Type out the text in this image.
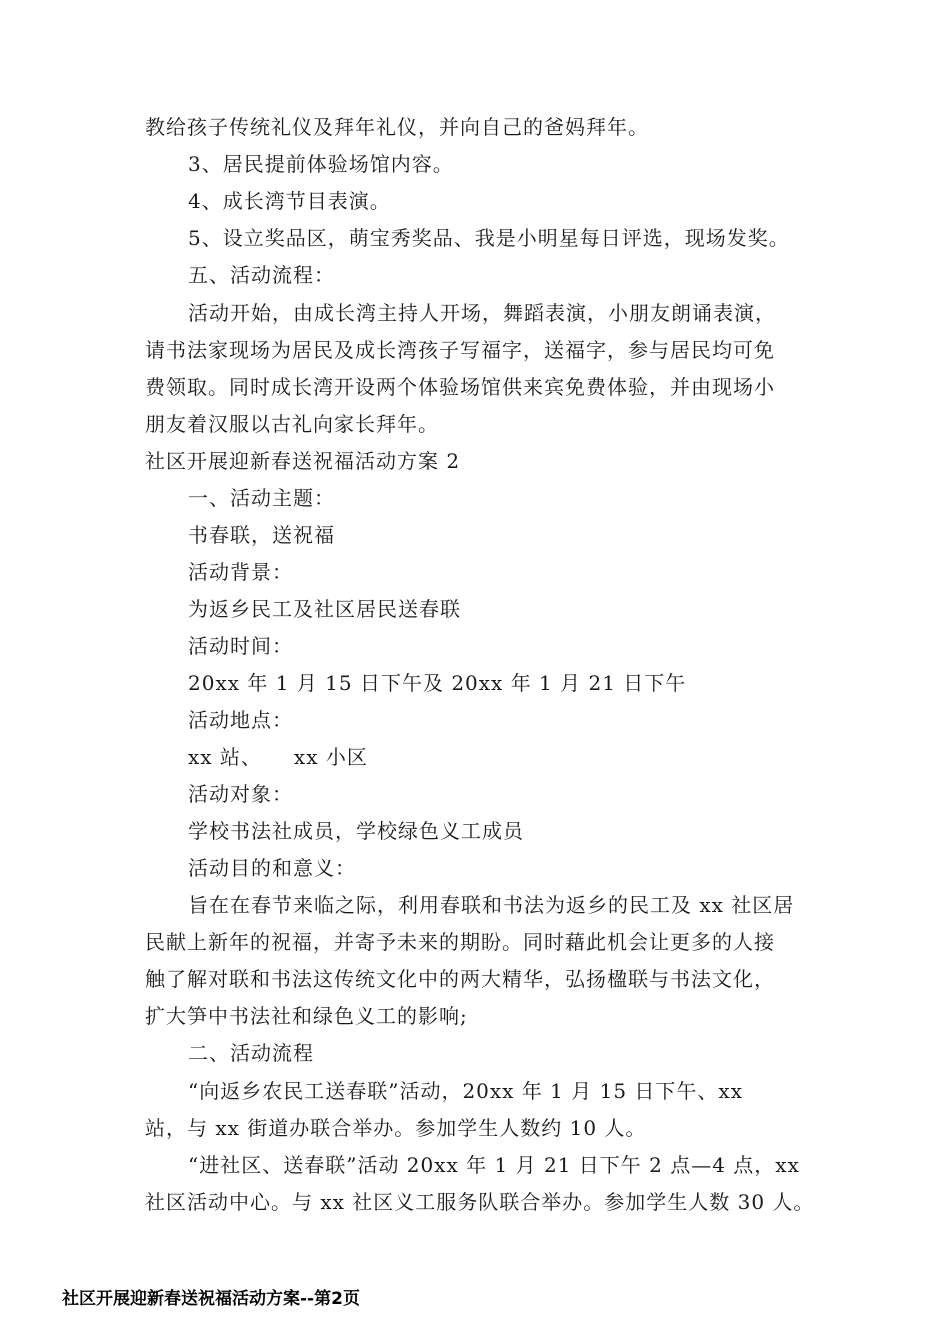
教给孩子传统礼仪及拜年礼仪，并向自己的爸妈拜年。
3、居民提前体验场馆内容。
4、成长湾节目表演。
5、设立奖品区，萌宝秀奖品、我是小明星每日评选，现场发奖。
五、活动流程：
活动开始，由成长湾主持人开场，舞蹈表演，小朋友朗诵表演，
请书法家现场为居民及成长湾孩子写福字，送福字，参与居民均可免
费领取。同时成长湾开设两个体验场馆供来宾免费体验，并由现场小
朋友着汉服以古礼向家长拜年。
社区开展迎新春送祝福活动方案 2
一、活动主题：
书春联，送祝福
活动背景：
为返乡民工及社区居民送春联
活动时间：
20xx 年 1 月 15 日下午及 20xx 年 1 月 21 日下午
活动地点：
xx 站、　　xx 小区
活动对象：
学校书法社成员，学校绿色义工成员
活动目的和意义：
旨在在春节来临之际，利用春联和书法为返乡的民工及 xx 社区居
民献上新年的祝福，并寄予未来的期盼。同时藉此机会让更多的人接
触了解对联和书法这传统文化中的两大精华，弘扬楹联与书法文化，
扩大笋中书法社和绿色义工的影响;
二、活动流程
“向返乡农民工送春联”活动，20xx 年 1 月 15 日下午、xx
站，与 xx 街道办联合举办。参加学生人数约 10 人。
“进社区、送春联”活动 20xx 年 1 月 21 日下午 2 点—4 点，xx
社区活动中心。与 xx 社区义工服务队联合举办。参加学生人数 30 人。
社区开展迎新春送祝福活动方案--第2页
